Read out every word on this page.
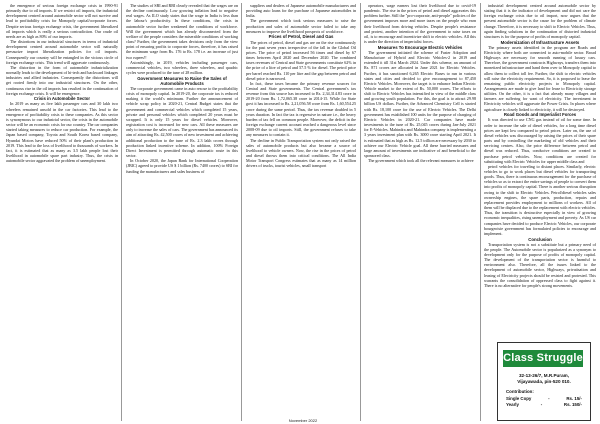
the emergence of serious foreign exchange crisis in 1990-91 primarily due to oil imports. If we restrict oil imports, the industrial development centred around automobile sector will not survive and lead to profitability crisis for Monopoly capital/corporate forces. Despite serious foreign exchange crisis, the government liberalized oil imports which is really a serious contradiction. Our crude oil needs are as high as 80% of our imports.

The distortions in our industrial structures in terms of industrial development centred around automobile sector will naturally pressurize import liberalization policies for oil imports. Consequently our country will be entangled in the vicious circle of foreign exchange crisis. This trend will aggravate continuously.

The distortion in the form of automobile industrialization normally leads to the development of hi-tech and backward linkages industries and allied industries. Consequently the distortions will get rooted firmly into our industrial structures. On the other, continuous rise in the oil imports has resulted in the continuation of foreign exchange crisis. It will be emergence.

Crisis in Automobile Sector

In 2019 as many as five lakh passenger cars and 30 lakh two wheelers remained unsold in the car factories. This lead to the emergence of profitability crisis to these companies. As this sector is synonymous to our industrial sector, the crisis in the automobile sector will be an economic crisis for our country. The car companies started taking measures to reduce car production. For example, the Japan based company, Toyota and South Korea based company, Hyundai Motors have reduced 50% of their plant's production in 2019. This lead to the loss of livelihood to thousands of workers. In fact, it is estimated that as many as 3.5 lakh people lost their livelihood in automobile spare part industry. Thus, the crisis in automobile sector aggravated the problem of unemployment.

The studies of SBI and RBI clearly revealed that the wages are on the decline continuously. Low growing inflation lead to negative real wages. As ILO study states that the wage in India is less than the labour's productivity. In these conditions, the crisis in automobile sector further weakened the conditions of workforce. Will the government which has already disconnected from the welfare of the people considers the miserable conditions of working class? Further, the government takes decisions only from the view point of ensuring profits to corporate forces, therefore, it has raised the minimum wage from Rs. 176 to Rs. 178 i.e. an increase of just two rupees!!

Astonishingly, in 2019, vehicles including passenger cars, commercial vehicles, two wheelers, three wheelers, and quadric cycles were produced to the tune of 28 million.

Government Measures to Raise the Sales of Automobile Products

The corporate government came in auto rescue to the profitability crisis of monopoly capital. In 2019-20, the corporate tax is reduced making it the world's minimum. Further the announcement of vehicle scrap policy in 2020-21, Central Budget states that the government and commercial vehicles which completed 15 years, private and personal vehicles which completed 20 years must be scrapped. It is only 15 years for diesel vehicles. Moreover, registration cost is increased for new cars. All these measures are only to increase the sales of cars. The government has announced its aim of attracting Rs. 42,500 crores of new investment and achieving additional production to the tune of Rs. 2.3 lakh crores through production linked incentive scheme. In addition, 100% Foreign Direct Investment is permitted through automatic route in this sector.

In October 2020, the Japan Bank for International Cooperation (JBIC) agreed to provide US $ 1 billion (Rs. 7400 crores) to SBI for funding the manufacturers and sales business of

suppliers and dealers of Japanese automobile manufacturers and providing auto loans for the purchase of Japanese automobiles in India.

The government which took serious measures to raise the production and sales of automobile sector failed to take any measures to improve the livelihood prospects of workforce.

Prices of Petrol, Diesel and Gas

The prices of petrol, diesel and gas are on the rise continuously for the past seven years irrespective of the fall in the Global Oil prices. The price of petrol increased 56 times and diesel by 67 times between April 2020 and December 2020. The combined taxes revenues of Central and State governments constitute 62% in the price of a litre of petrol and 57.5 % for diesel. The petrol price per barrel reached Rs. 110 per litre and the gap between petrol and diesel price is narrowed.

In fact, these taxes became the primary revenue sources for Central and State governments. The Central government's tax revenue from this source has increased to Rs. 2,34,314.83 crore in 2019-20 from Rs. 1,72,065.38 crore in 2014-15. While for State govt it has increased to Rs. 2,21,056.58 crore from Rs. 1,60,554.25 crore during the same period. Thus, the tax revenue doubled in 5 years duration. In fact the tax is regressive in nature i.e., the heavy burden of tax fell on common people. Moreover, the deficit in the foreign exchange current account reached a dangerous level since 2008-09 due to oil imports. Still, the government refuses to take any measures to contain it.

The decline in Public Transportation system not only raised the sales of automobile products but also became a source of livelihood to vehicle owners. Now, the rise in the prices of petrol and diesel throws them into critical conditions. The All India Motor Transport Congress estimates that as many as 14 million drivers of trucks, tourist vehicles, small transport

operators, wage earners lost their livelihood due to covid-19 pandemic. The rise in the prices of petrol and diesel aggravates this problem further. Still the "pro-corporate, anti-people" policies of the government imposes more and more taxes on the people who earn their livelihood from driving vehicles. Despite people's resistance and protest, another intention of the government to raise taxes on oil, is to encourage and incentivize shift to electric vehicles. All this is under the direction of imperialist forces.

Measures To Encourage Electric Vehicles

The government initiated the scheme of Faster Adoption and Manufacture of Hybrid and Electric Vehicles-2 in 2019 and extended it till 31st March 2024. Under this scheme, an amount of Rs. 871 crores are allocated in June 2021 for Electric Vehicles. Further, it has sanctioned 6,265 Electric Buses to run in various states and cities and decided to give encouragement to 87,450 Electric Vehicles. Moreover, the target is to enhance Indian Electric Vehicle market to the extent of Rs. 50,000 crores. The efforts to shift to Electric Vehicles has intensified in view of the middle class and growing youth population. For this, the goal is to attract 29.98 billion US dollars. Further, the Advanced Chemistry Cell is started with Rs. 18,100 crore for the use of Electric Vehicles. The Delhi government has established 100 units for the purpose of charging of Electric Vehicles in 2020-21. Car companies have made investments to the tune of Rs. 25,045 crores during Jan-July 2021 for E-Vehicles. Mahindra and Mahindra company is implementing a 3 years investment plan with Rs. 3000 crore starting April 2021. It is estimated that as high as Rs. 12.5 trillion are necessary by 2030 to achieve our Electric Vehicle goal. All these hurried measures and large amount of investments are indicative of and beneficial to the sponsored class.

The government which took all the relevant measures to achieve

industrial development centred around automobile sector by stating that it is the indicator of development and did not care the foreign exchange crisis due to oil import, now argues that the present automobile sector is the cause for the problem of climate change. Therefore, it is necessary to shift to Electric Vehicles. Thus, again finding solutions in the continuation of distorted industrial structures is for the purpose of profits of monopoly capital.

Modernization of Infrastructure Assets

The primary assets identified in the program are Roads and Electricity where both are connected to auto-mobile sector. Broad Highways are necessary for smooth running of luxury cars. Therefore, the government constructs Highways, transfers them into monetized infrastructure and hand them over to Monopoly capital to allow them to collect toll fee. Further, the shift to electric vehicles will raise the electricity requirement. So, it is proposed to lease the remaining public electricity projects to Monopoly capital. Arrangements are made to give land for lease to Electricity storage utilities. On the other, it is a fact that already many villages and farmers are suffering for want of electricity. The investment in Electricity vehicles will aggravate the Power Crisis. In places where agriculture is closely linked to electricity, it will be destroyed.

Road Goods and Imperialist Forces

It was directed to use CNG gas instead of oil for some time. In order to increase the sale of diesel vehicles, for a long time diesel prices are kept low compared to petrol prices. Later on, the use of diesel vehicles was discouraged by raising the prices of their spare parts and by controlling the marketing of old vehicles and their servicing centres. Also, the price difference between petrol and diesel was reduced. Thus, conducive conditions are created to purchase petrol vehicles. Now, conditions are created for substituting with Electric Vehicles for upper middle class and

petrol vehicles for traveling to distant places. Similarly, electric vehicles to go to work places but diesel vehicles for transporting goods. Thus, there is continuous encouragement for the purchase of vehicles so as to extract the entire savings of people to convert them into profits of monopoly capital. There is another serious disruption owing to the shift to Electric Vehicles. Petrol/diesel vehicles sales ownership engines, the spare parts, production, repairs and replacement provides employment to millions of workers. All of them will be displaced due to the replacement with electric vehicles. Thus, the transition is destructive especially in view of growing economic inequalities, rising unemployment and poverty. As US car companies have decided to produce Electric Vehicles, our corporate bourgeoisie government has formulated policies to encourage and implement.

Conclusion

Transportation system is not a substitute but a primary need of the people. The Automobile sector is popularized as a synonym to development only for the purpose of profits of monopoly capital. The development of the transportation sector is harmful to environment also. Therefore, all the issues linked to the development of automobile sector, Highways, privatisation and leasing of Electricity projects should be resisted and protested. This warrants the consolidation of oppressed class to fight against it. There is no alternative for people's strong movements.

Class Struggle
32-13-26/7, M.R.Puram,
Vijayawada, pin-520 010.
Contribution:
Single Copy	-	Rs. 15/-
Yearly	-	Rs. 150/-
November 2022
